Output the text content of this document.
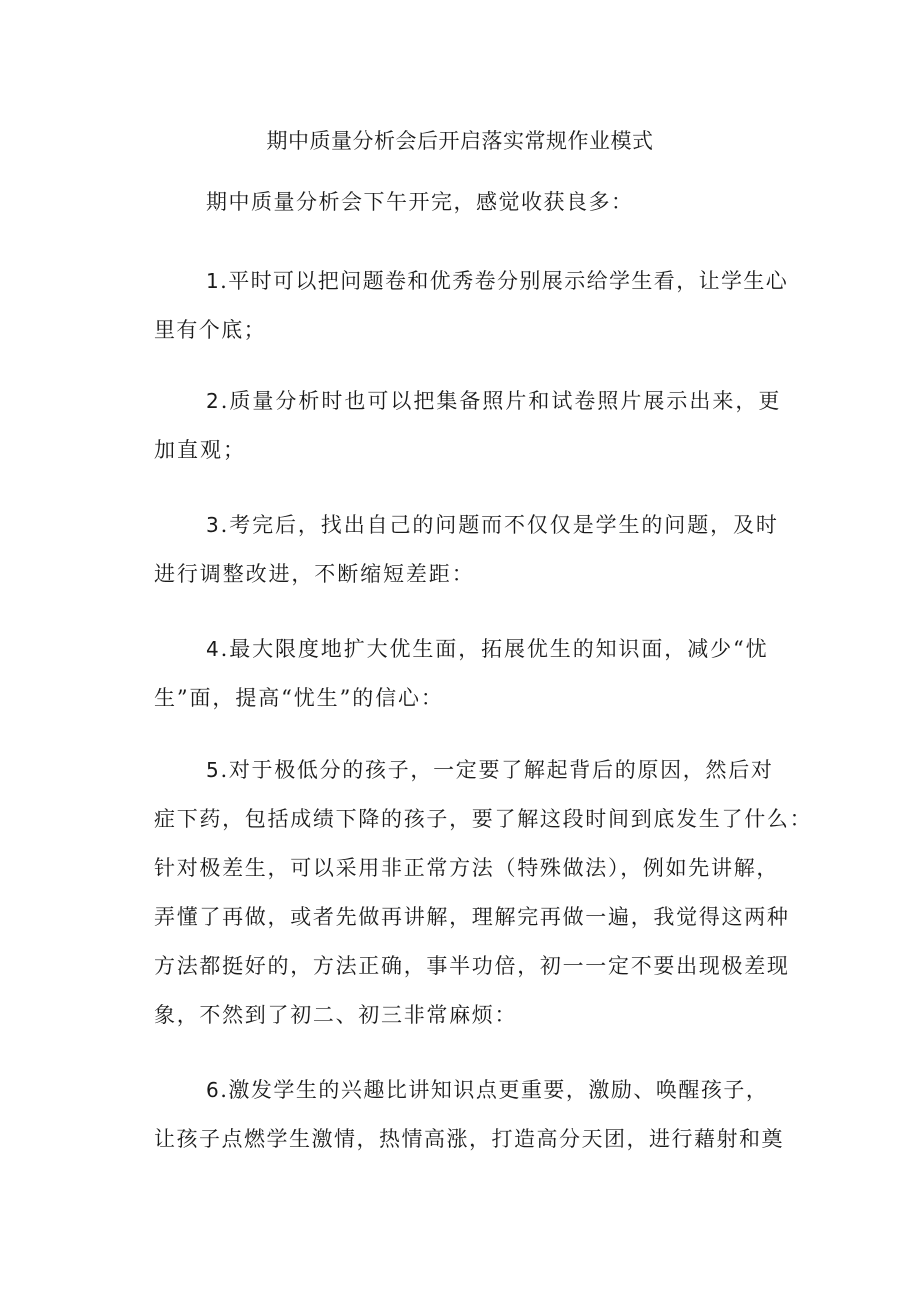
期中质量分析会后开启落实常规作业模式
期中质量分析会下午开完，感觉收获良多：
1.平时可以把问题卷和优秀卷分别展示给学生看，让学生心
里有个底；
2.质量分析时也可以把集备照片和试卷照片展示出来，更
加直观；
3.考完后，找出自己的问题而不仅仅是学生的问题，及时
进行调整改进，不断缩短差距：
4.最大限度地扩大优生面，拓展优生的知识面，减少“忧
生”面，提高“忧生”的信心：
5.对于极低分的孩子，一定要了解起背后的原因，然后对
症下药，包括成绩下降的孩子，要了解这段时间到底发生了什么：
针对极差生，可以采用非正常方法（特殊做法），例如先讲解，
弄懂了再做，或者先做再讲解，理解完再做一遍，我觉得这两种
方法都挺好的，方法正确，事半功倍，初一一定不要出现极差现
象，不然到了初二、初三非常麻烦：
6.激发学生的兴趣比讲知识点更重要，激励、唤醒孩子，
让孩子点燃学生激情，热情高涨，打造高分天团，进行藉射和奠
